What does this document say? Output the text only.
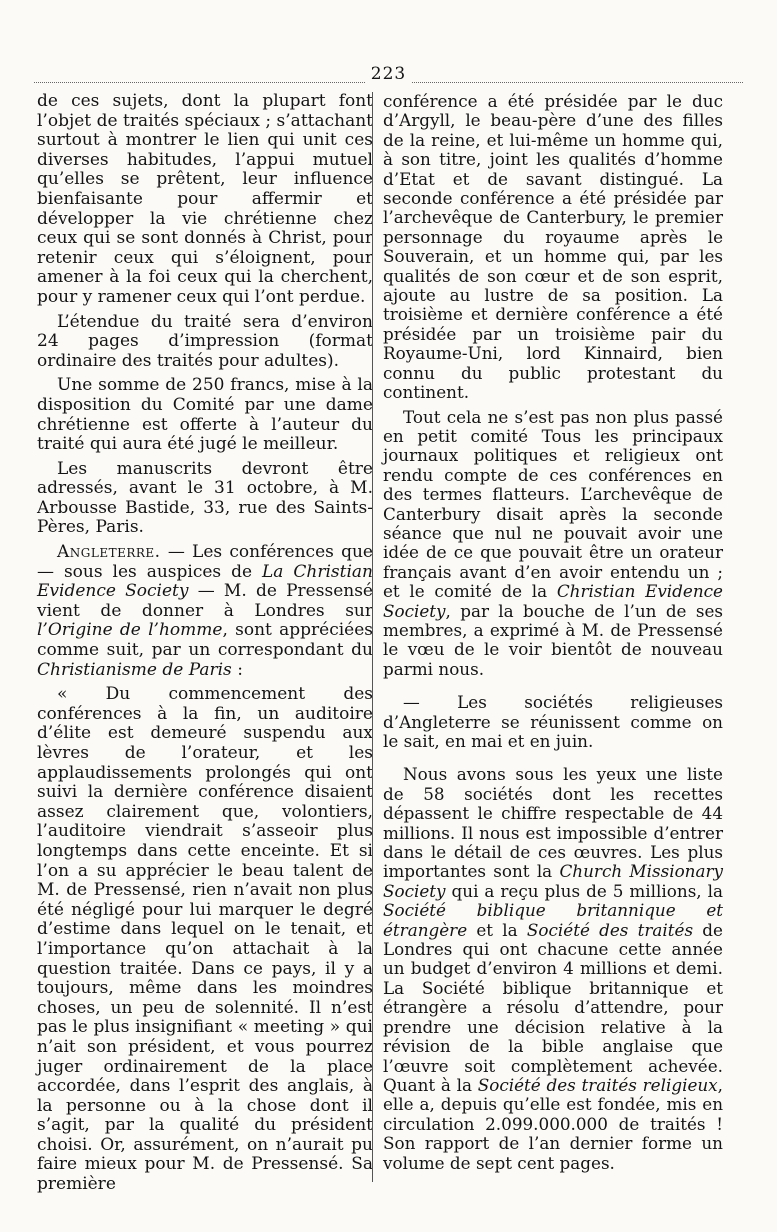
223

de ces sujets, dont la plupart font l’objet de traités spéciaux ; s’attachant surtout à montrer le lien qui unit ces diverses habitudes, l’appui mutuel qu’elles se prêtent, leur influence bienfaisante pour affermir et développer la vie chrétienne chez ceux qui se sont donnés à Christ, pour retenir ceux qui s’éloignent, pour amener à la foi ceux qui la cherchent, pour y ramener ceux qui l’ont perdue.

L’étendue du traité sera d’environ 24 pages d’impression (format ordinaire des traités pour adultes).

Une somme de 250 francs, mise à la disposition du Comité par une dame chrétienne est offerte à l’auteur du traité qui aura été jugé le meilleur.

Les manuscrits devront être adressés, avant le 31 octobre, à M. Arbousse Bastide, 33, rue des Saints-Pères, Paris.

Angleterre. — Les conférences que — sous les auspices de La Christian Evidence Society — M. de Pressensé vient de donner à Londres sur l’Origine de l’homme, sont appréciées comme suit, par un correspondant du Christianisme de Paris :

« Du commencement des conférences à la fin, un auditoire d’élite est demeuré suspendu aux lèvres de l’orateur, et les applaudissements prolongés qui ont suivi la dernière conférence disaient assez clairement que, volontiers, l’auditoire viendrait s’asseoir plus longtemps dans cette enceinte. Et si l’on a su apprécier le beau talent de M. de Pressensé, rien n’avait non plus été négligé pour lui marquer le degré d’estime dans lequel on le tenait, et l’importance qu’on attachait à la question traitée. Dans ce pays, il y a toujours, même dans les moindres choses, un peu de solennité. Il n’est pas le plus insignifiant « meeting » qui n’ait son président, et vous pourrez juger ordinairement de la place accordée, dans l’esprit des anglais, à la personne ou à la chose dont il s’agit, par la qualité du président choisi. Or, assurément, on n’aurait pu faire mieux pour M. de Pressensé. Sa première

conférence a été présidée par le duc d’Argyll, le beau-père d’une des filles de la reine, et lui-même un homme qui, à son titre, joint les qualités d’homme d’Etat et de savant distingué. La seconde conférence a été présidée par l’archevêque de Canterbury, le premier personnage du royaume après le Souverain, et un homme qui, par les qualités de son cœur et de son esprit, ajoute au lustre de sa position. La troisième et dernière conférence a été présidée par un troisième pair du Royaume-Uni, lord Kinnaird, bien connu du public protestant du continent.

Tout cela ne s’est pas non plus passé en petit comité Tous les principaux journaux politiques et religieux ont rendu compte de ces conférences en des termes flatteurs. L’archevêque de Canterbury disait après la seconde séance que nul ne pouvait avoir une idée de ce que pouvait être un orateur français avant d’en avoir entendu un ; et le comité de la Christian Evidence Society, par la bouche de l’un de ses membres, a exprimé à M. de Pressensé le vœu de le voir bientôt de nouveau parmi nous.

— Les sociétés religieuses d’Angleterre se réunissent comme on le sait, en mai et en juin.

Nous avons sous les yeux une liste de 58 sociétés dont les recettes dépassent le chiffre respectable de 44 millions. Il nous est impossible d’entrer dans le détail de ces œuvres. Les plus importantes sont la Church Missionary Society qui a reçu plus de 5 millions, la Société biblique britannique et étrangère et la Société des traités de Londres qui ont chacune cette année un budget d’environ 4 millions et demi. La Société biblique britannique et étrangère a résolu d’attendre, pour prendre une décision relative à la révision de la bible anglaise que l’œuvre soit complètement achevée. Quant à la Société des traités religieux, elle a, depuis qu’elle est fondée, mis en circulation 2.099.000.000 de traités ! Son rapport de l’an dernier forme un volume de sept cent pages.
